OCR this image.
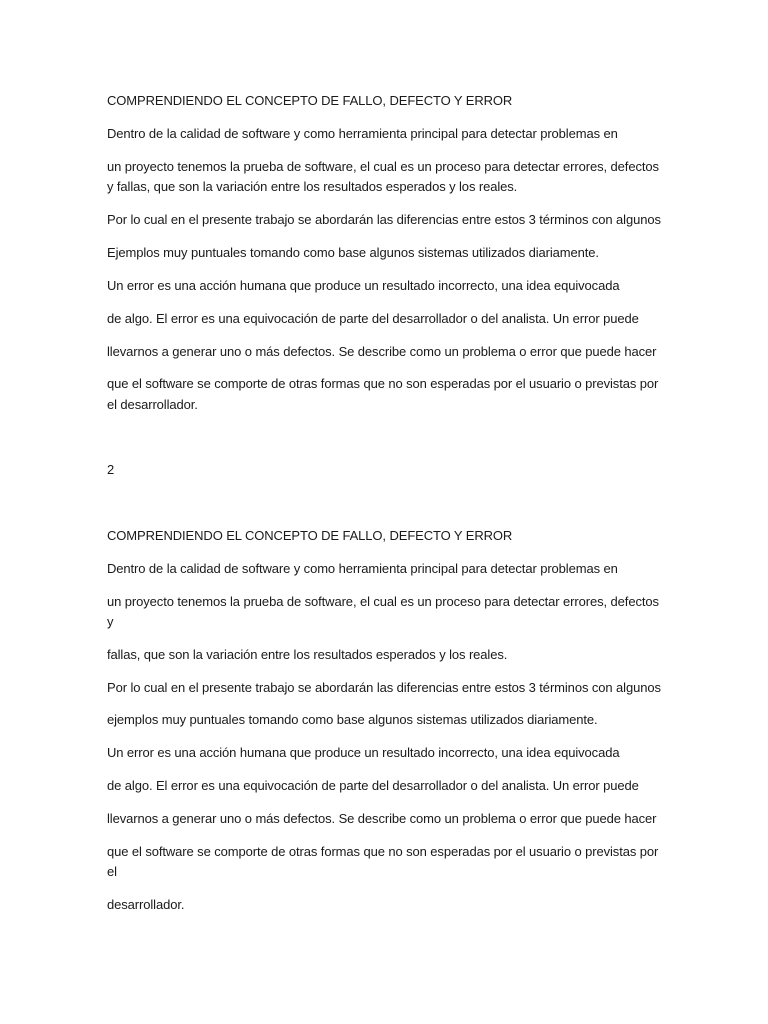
COMPRENDIENDO EL CONCEPTO DE FALLO, DEFECTO Y ERROR
Dentro de la calidad de software y como herramienta principal para detectar problemas en
un proyecto tenemos la prueba de software, el cual es un proceso para detectar errores, defectos
y fallas, que son la variación entre los resultados esperados y los reales.
Por lo cual en el presente trabajo se abordarán las diferencias entre estos 3 términos con algunos
Ejemplos muy puntuales tomando como base algunos sistemas utilizados diariamente.
Un error es una acción humana que produce un resultado incorrecto, una idea equivocada
de algo. El error es una equivocación de parte del desarrollador o del analista. Un error puede
llevarnos a generar uno o más defectos. Se describe como un problema o error que puede hacer
que el software se comporte de otras formas que no son esperadas por el usuario o previstas por
el desarrollador.
2
COMPRENDIENDO EL CONCEPTO DE FALLO, DEFECTO Y ERROR
Dentro de la calidad de software y como herramienta principal para detectar problemas en
un proyecto tenemos la prueba de software, el cual es un proceso para detectar errores, defectos
y
fallas, que son la variación entre los resultados esperados y los reales.
Por lo cual en el presente trabajo se abordarán las diferencias entre estos 3 términos con algunos
ejemplos muy puntuales tomando como base algunos sistemas utilizados diariamente.
Un error es una acción humana que produce un resultado incorrecto, una idea equivocada
de algo. El error es una equivocación de parte del desarrollador o del analista. Un error puede
llevarnos a generar uno o más defectos. Se describe como un problema o error que puede hacer
que el software se comporte de otras formas que no son esperadas por el usuario o previstas por
el
desarrollador.
